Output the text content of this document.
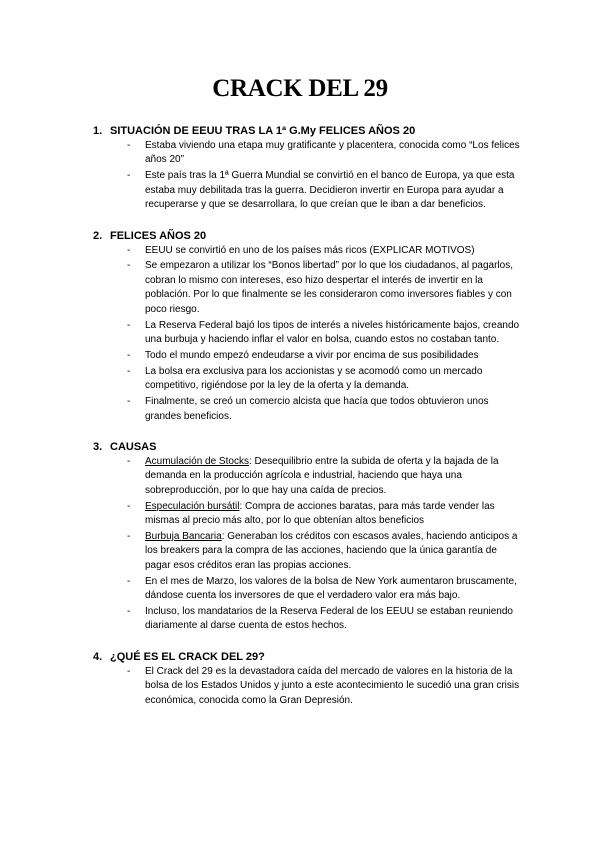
CRACK DEL 29
1. SITUACIÓN DE EEUU TRAS LA 1ª G.My FELICES AÑOS 20
- Estaba viviendo una etapa muy gratificante y placentera, conocida como “Los felices años 20”
- Este país tras la 1ª Guerra Mundial se convirtió en el banco de Europa, ya que esta estaba muy debilitada tras la guerra. Decidieron invertir en Europa para ayudar a recuperarse y que se desarrollara, lo que creían que le iban a dar beneficios.
2. FELICES AÑOS 20
- EEUU se convirtió en uno de los países más ricos (EXPLICAR MOTIVOS)
- Se empezaron a utilizar los “Bonos libertad” por lo que los ciudadanos, al pagarlos, cobran lo mismo con intereses, eso hizo despertar el interés de invertir en la población. Por lo que finalmente se les consideraron como inversores fiables y con poco riesgo.
- La Reserva Federal bajó los tipos de interés a niveles históricamente bajos, creando una burbuja y haciendo inflar el valor en bolsa, cuando estos no costaban tanto.
- Todo el mundo empezó endeudarse a vivir por encima de sus posibilidades
- La bolsa era exclusiva para los accionistas y se acomodó como un mercado competitivo, rigiéndose por la ley de la oferta y la demanda.
- Finalmente, se creó un comercio alcista que hacía que todos obtuvieron unos grandes beneficios.
3. CAUSAS
- Acumulación de Stocks: Desequilibrio entre la subida de oferta y la bajada de la demanda en la producción agrícola e industrial, haciendo que haya una sobreproducción, por lo que hay una caída de precios.
- Especulación bursátil: Compra de acciones baratas, para más tarde vender las mismas al precio más alto, por lo que obtenían altos beneficios
- Burbuja Bancaria: Generaban los créditos con escasos avales, haciendo anticipos a los breakers para la compra de las acciones, haciendo que la única garantía de pagar esos créditos eran las propias acciones.
- En el mes de Marzo, los valores de la bolsa de New York aumentaron bruscamente, dándose cuenta los inversores de que el verdadero valor era más bajo.
- Incluso, los mandatarios de la Reserva Federal de los EEUU se estaban reuniendo diariamente al darse cuenta de estos hechos.
4. ¿QUÉ ES EL CRACK DEL 29?
- El Crack del 29 es la devastadora caída del mercado de valores en la historia de la bolsa de los Estados Unidos y junto a este acontecimiento le sucedió una gran crisis económica, conocida como la Gran Depresión.
